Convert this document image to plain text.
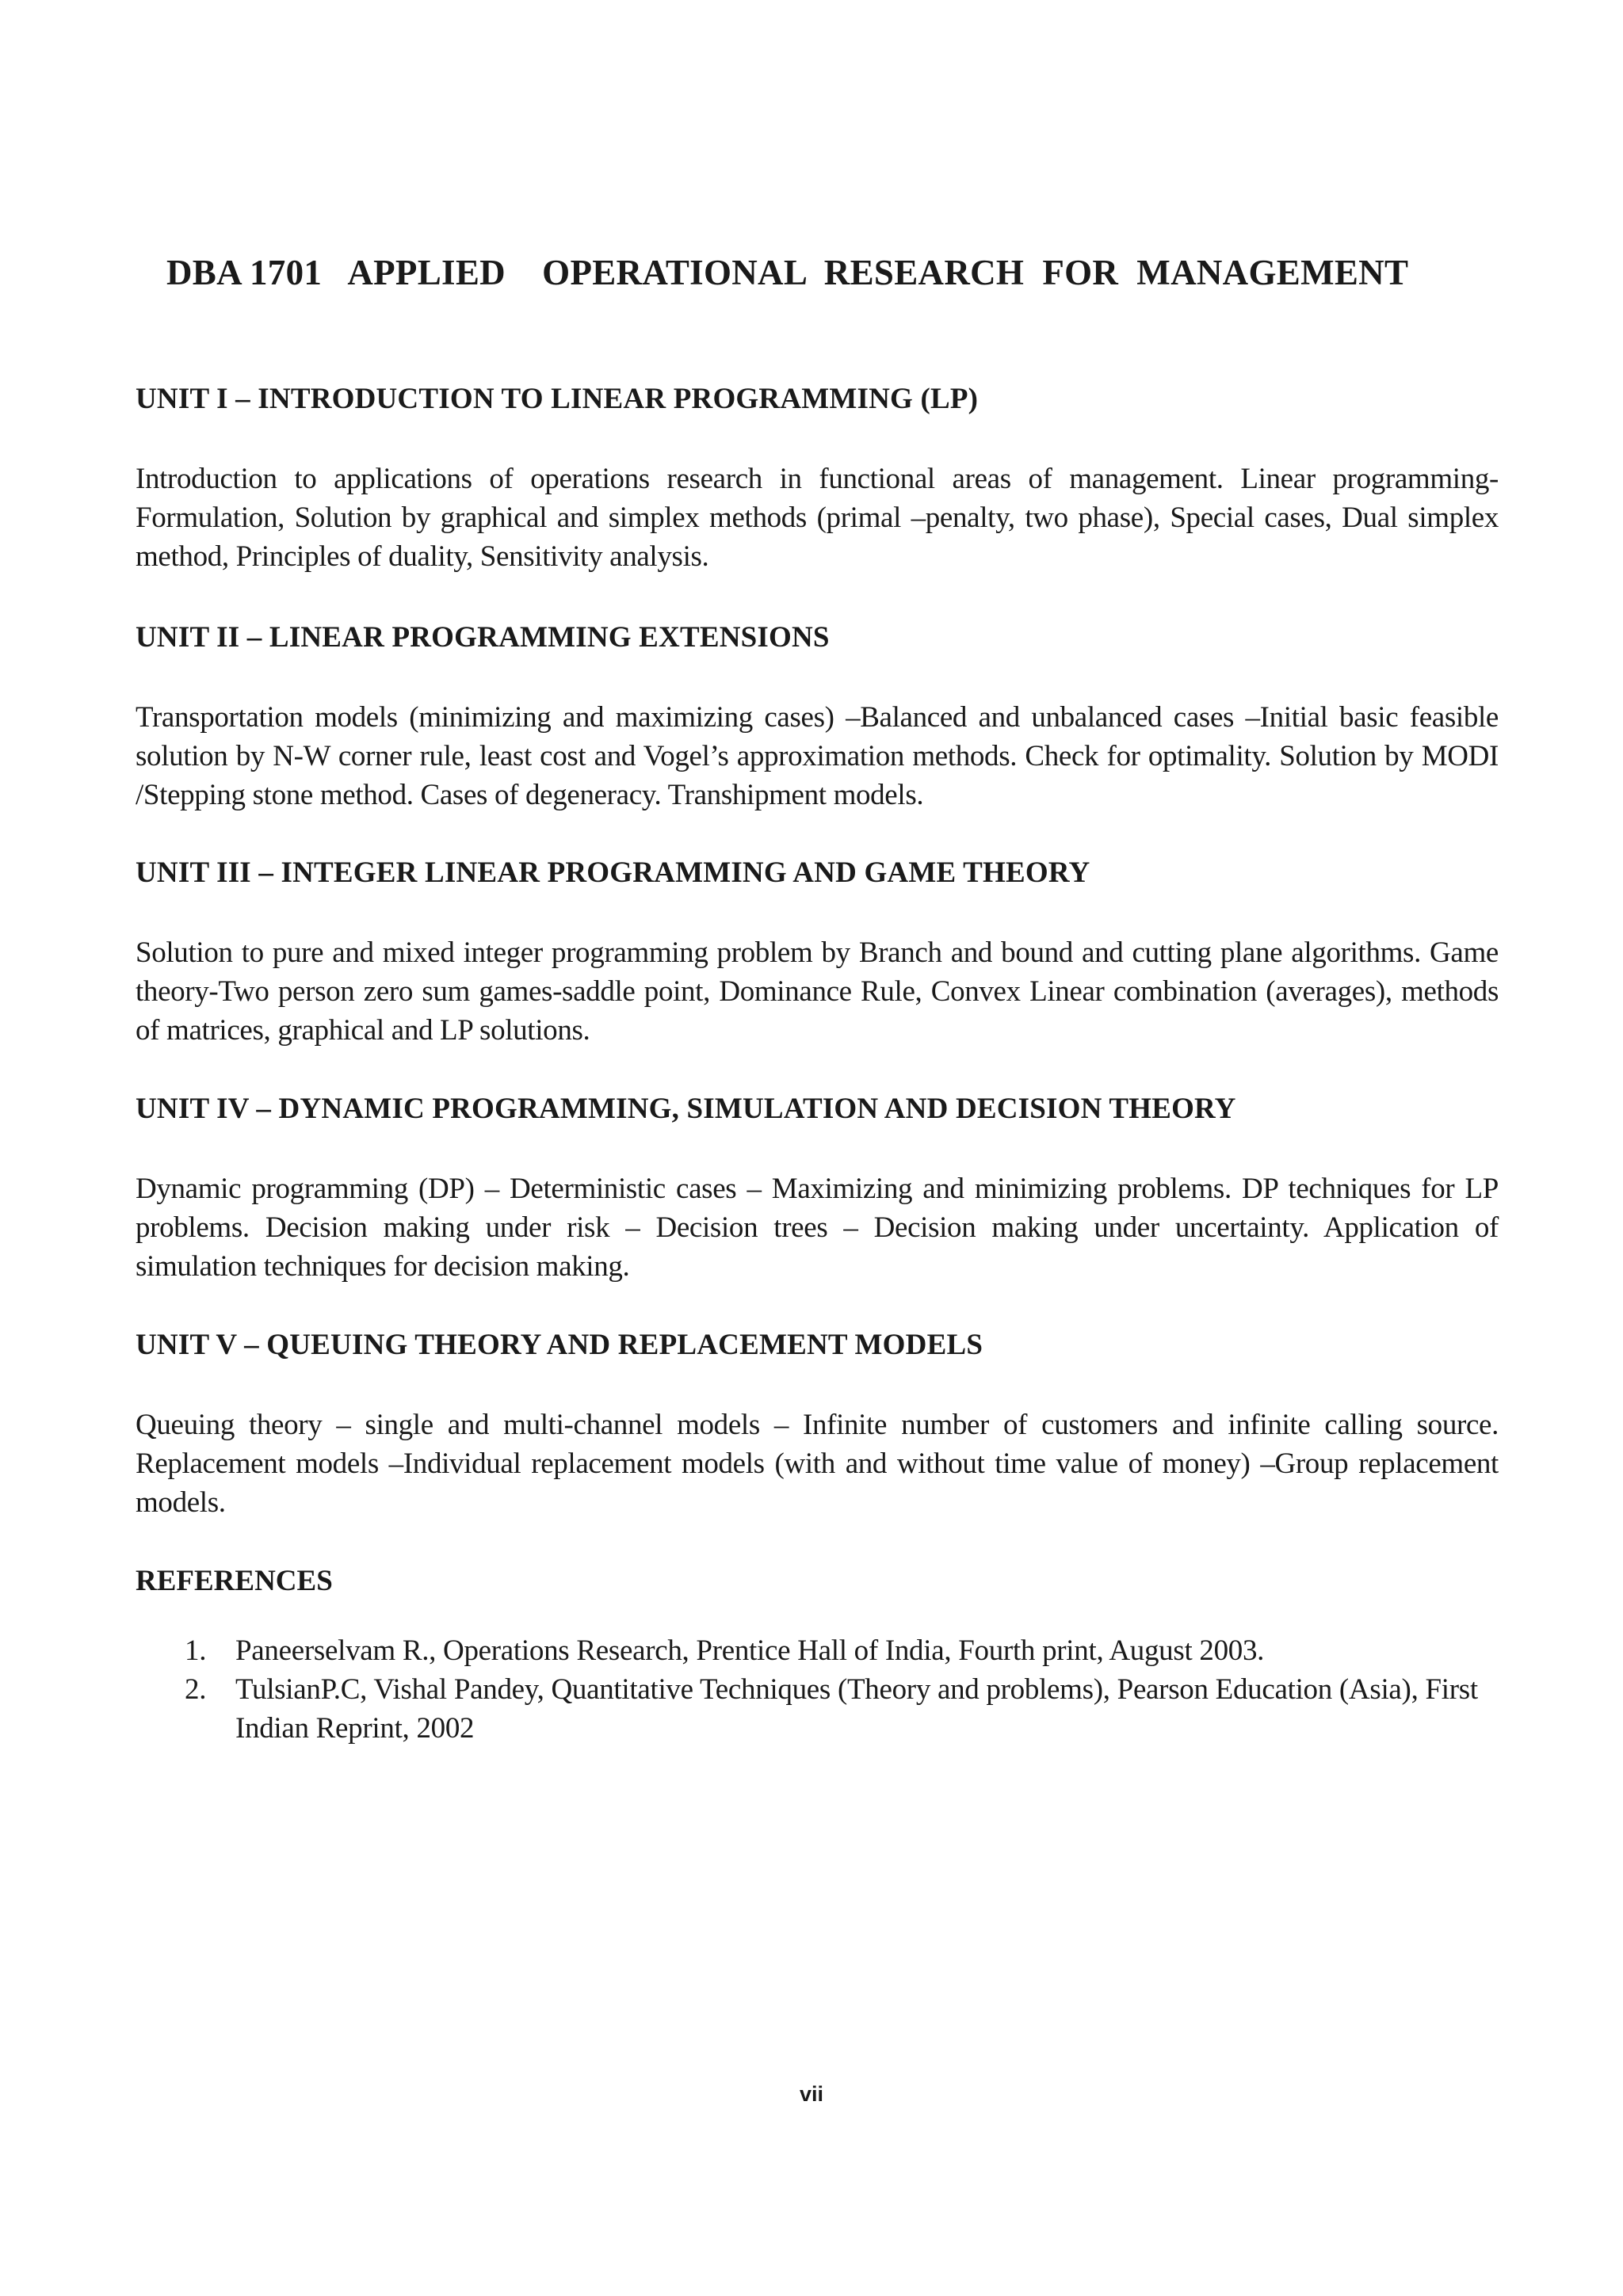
DBA 1701   APPLIED    OPERATIONAL  RESEARCH  FOR  MANAGEMENT
UNIT I – INTRODUCTION TO LINEAR PROGRAMMING (LP)

Introduction to applications of operations research in functional areas of management. Linear programming-Formulation, Solution by graphical and simplex methods (primal –penalty, two phase), Special cases, Dual simplex method, Principles of duality, Sensitivity analysis.

UNIT II – LINEAR PROGRAMMING EXTENSIONS

Transportation models (minimizing and maximizing cases) –Balanced and unbalanced cases –Initial basic feasible solution by N-W corner rule, least cost and Vogel’s approximation methods. Check for optimality. Solution by MODI /Stepping stone method. Cases of degeneracy. Transhipment models.

UNIT III – INTEGER LINEAR PROGRAMMING AND GAME THEORY

Solution to pure and mixed integer programming problem by Branch and bound and cutting plane algorithms. Game theory-Two person zero sum games-saddle point, Dominance Rule, Convex Linear combination (averages), methods of matrices, graphical and LP solutions.

UNIT IV – DYNAMIC PROGRAMMING, SIMULATION AND DECISION THEORY

Dynamic programming (DP) – Deterministic cases – Maximizing and minimizing problems. DP techniques for LP problems. Decision making under risk – Decision trees – Decision making under uncertainty. Application of simulation techniques for decision making.

UNIT V – QUEUING THEORY AND REPLACEMENT MODELS

Queuing theory – single and multi-channel models – Infinite number of customers and infinite calling source. Replacement models –Individual replacement models (with and without time value of money) –Group replacement models.

REFERENCES
1. Paneerselvam R., Operations Research, Prentice Hall of India, Fourth print, August 2003.
2. TulsianP.C, Vishal Pandey, Quantitative Techniques (Theory and problems), Pearson Education (Asia), First Indian Reprint, 2002
vii
